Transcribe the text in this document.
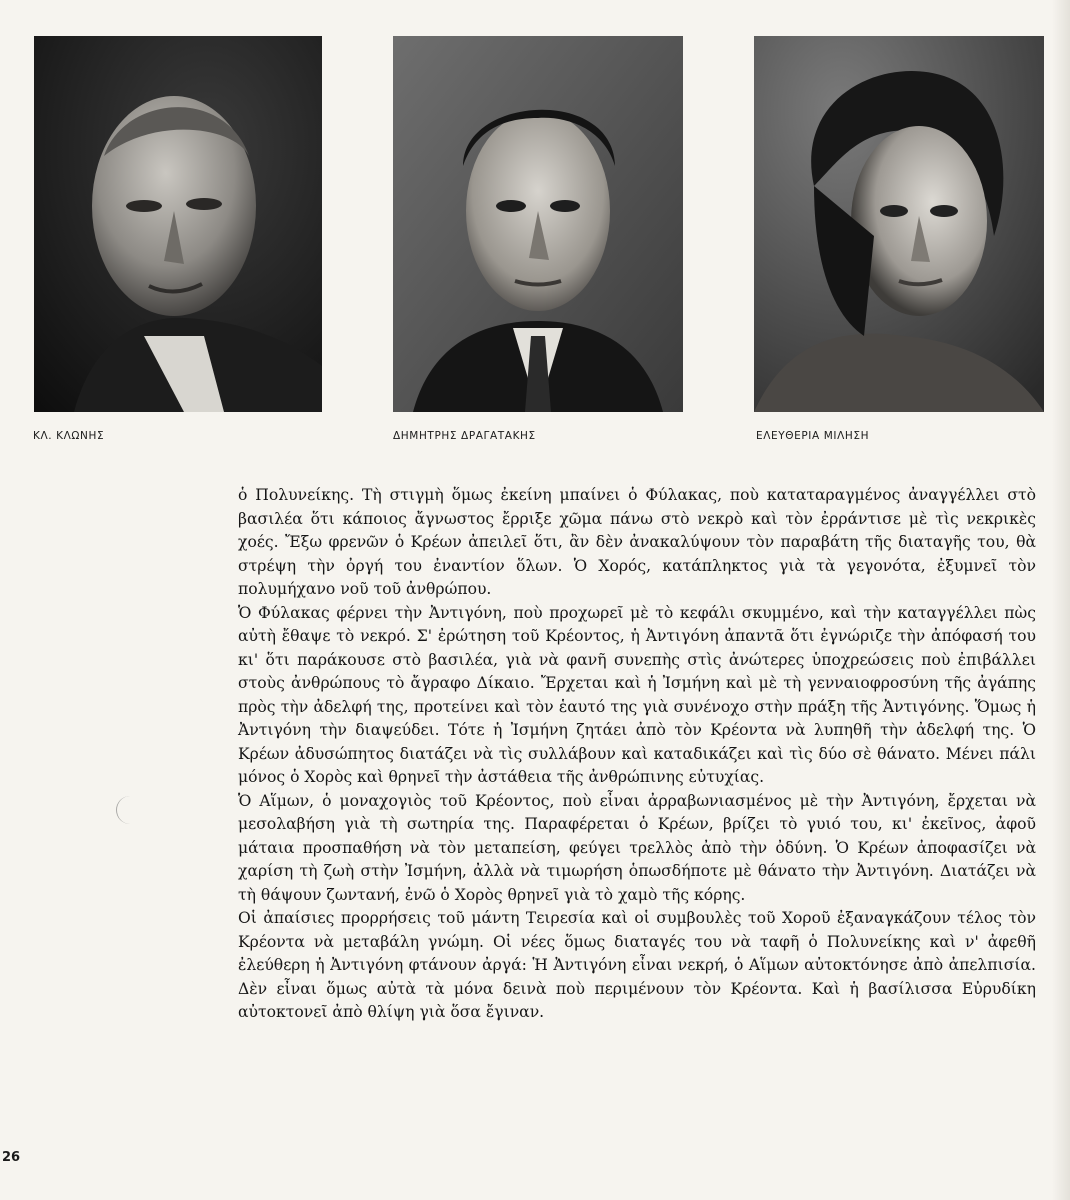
ΚΛ. ΚΛΩΝΗΣ	ΔΗΜΗΤΡΗΣ ΔΡΑΓΑΤΑΚΗΣ	ΕΛΕΥΘΕΡΙΑ ΜΙΛΗΣΗ

ὁ Πολυνείκης. Τὴ στιγμὴ ὅμως ἐκείνη μπαίνει ὁ Φύλακας, ποὺ καταταραγμένος ἀναγγέλλει στὸ βασιλέα ὅτι κάποιος ἄγνωστος ἔρριξε χῶμα πάνω στὸ νεκρὸ καὶ τὸν ἐρράντισε μὲ τὶς νεκρικὲς χοές. Ἔξω φρενῶν ὁ Κρέων ἀπειλεῖ ὅτι, ἂν δὲν ἀνακαλύψουν τὸν παραβάτη τῆς διαταγῆς του, θὰ στρέψη τὴν ὀργή του ἐναντίον ὅλων. Ὁ Χορός, κατάπληκτος γιὰ τὰ γεγονότα, ἐξυμνεῖ τὸν πολυμήχανο νοῦ τοῦ ἀνθρώπου.

Ὁ Φύλακας φέρνει τὴν Ἀντιγόνη, ποὺ προχωρεῖ μὲ τὸ κεφάλι σκυμμένο, καὶ τὴν καταγγέλλει πὼς αὐτὴ ἔθαψε τὸ νεκρό. Σ' ἐρώτηση τοῦ Κρέοντος, ἡ Ἀντιγόνη ἀπαντᾶ ὅτι ἐγνώριζε τὴν ἀπόφασή του κι' ὅτι παράκουσε στὸ βασιλέα, γιὰ νὰ φανῆ συνεπὴς στὶς ἀνώτερες ὑποχρεώσεις ποὺ ἐπιβάλλει στοὺς ἀνθρώπους τὸ ἄγραφο Δίκαιο. Ἔρχεται καὶ ἡ Ἰσμήνη καὶ μὲ τὴ γενναιοφροσύνη τῆς ἀγάπης πρὸς τὴν ἀδελφή της, προτείνει καὶ τὸν ἑαυτό της γιὰ συνένοχο στὴν πράξη τῆς Ἀντιγόνης. Ὅμως ἡ Ἀντιγόνη τὴν διαψεύδει. Τότε ἡ Ἰσμήνη ζητάει ἀπὸ τὸν Κρέοντα νὰ λυπηθῆ τὴν ἀδελφή της. Ὁ Κρέων ἀδυσώπητος διατάζει νὰ τὶς συλλάβουν καὶ καταδικάζει καὶ τὶς δύο σὲ θάνατο. Μένει πάλι μόνος ὁ Χορὸς καὶ θρηνεῖ τὴν ἀστάθεια τῆς ἀνθρώπινης εὐτυχίας.

Ὁ Αἵμων, ὁ μοναχογιὸς τοῦ Κρέοντος, ποὺ εἶναι ἀρραβωνιασμένος μὲ τὴν Ἀντιγόνη, ἔρχεται νὰ μεσολαβήση γιὰ τὴ σωτηρία της. Παραφέρεται ὁ Κρέων, βρίζει τὸ γυιό του, κι' ἐκεῖνος, ἀφοῦ μάταια προσπαθήση νὰ τὸν μεταπείση, φεύγει τρελλὸς ἀπὸ τὴν ὀδύνη. Ὁ Κρέων ἀποφασίζει νὰ χαρίση τὴ ζωὴ στὴν Ἰσμήνη, ἀλλὰ νὰ τιμωρήση ὁπωσδήποτε μὲ θάνατο τὴν Ἀντιγόνη. Διατάζει νὰ τὴ θάψουν ζωντανή, ἐνῶ ὁ Χορὸς θρηνεῖ γιὰ τὸ χαμὸ τῆς κόρης.

Οἱ ἀπαίσιες προρρήσεις τοῦ μάντη Τειρεσία καὶ οἱ συμβουλὲς τοῦ Χοροῦ ἐξαναγκάζουν τέλος τὸν Κρέοντα νὰ μεταβάλη γνώμη. Οἱ νέες ὅμως διαταγές του νὰ ταφῆ ὁ Πολυνείκης καὶ ν' ἀφεθῆ ἐλεύθερη ἡ Ἀντιγόνη φτάνουν ἀργά: Ἡ Ἀντιγόνη εἶναι νεκρή, ὁ Αἵμων αὐτοκτόνησε ἀπὸ ἀπελπισία. Δὲν εἶναι ὅμως αὐτὰ τὰ μόνα δεινὰ ποὺ περιμένουν τὸν Κρέοντα. Καὶ ἡ βασίλισσα Εὐρυδίκη αὐτοκτονεῖ ἀπὸ θλίψη γιὰ ὅσα ἔγιναν.

26
